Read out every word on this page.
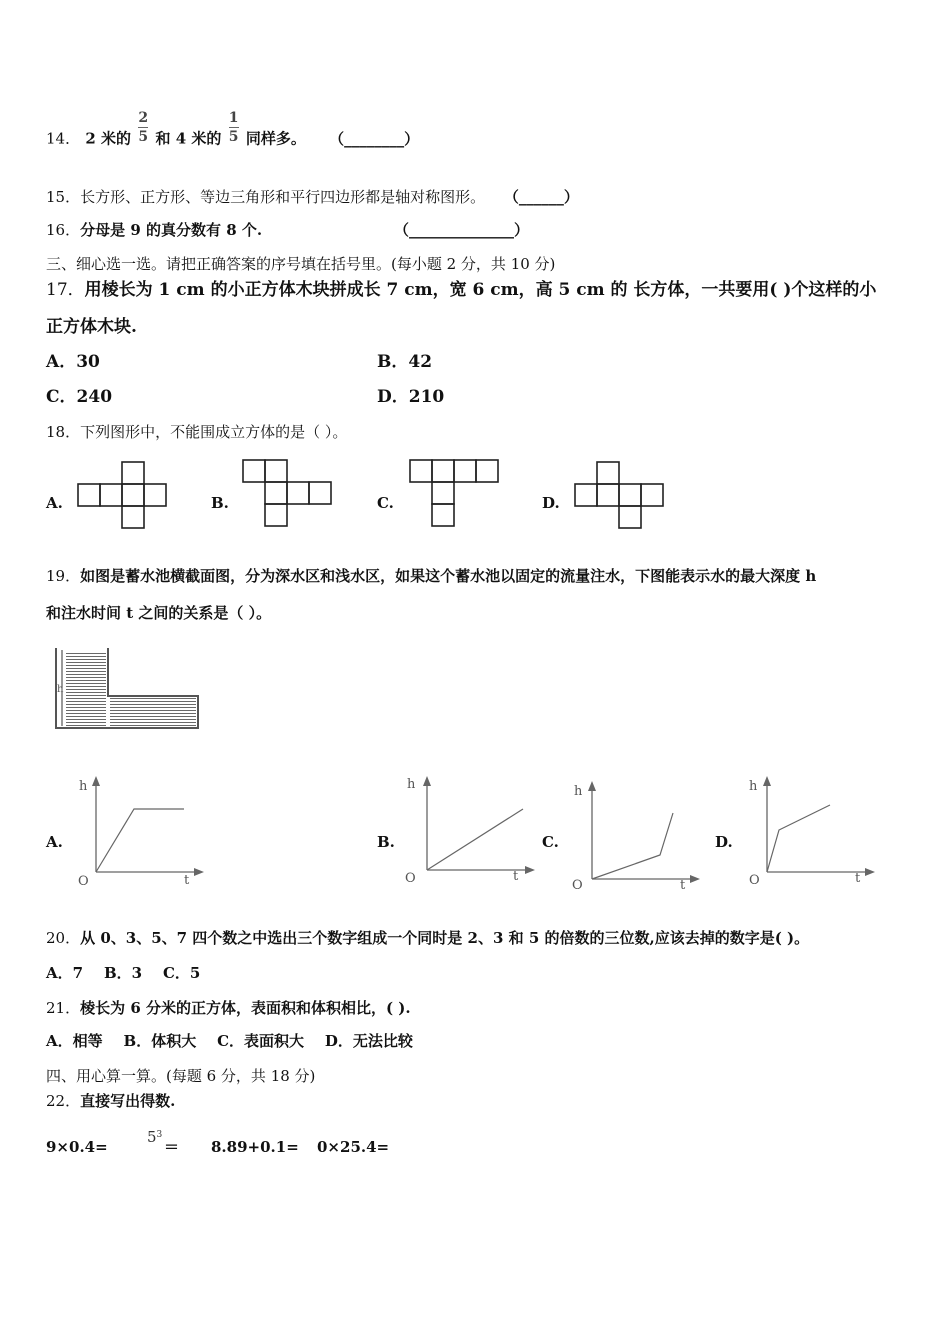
14． 2 米的 $\frac{2}{5}$ 和 4 米的 $\frac{1}{5}$ 同样多。 （________）
15．长方形、正方形、等边三角形和平行四边形都是轴对称图形。 （______）
16．分母是 9 的真分数有 8 个.	（______________）
三、细心选一选。请把正确答案的序号填在括号里。(每小题 2 分，共 10 分)
17．用棱长为 1 cm 的小正方体木块拼成长 7 cm，宽 6 cm，高 5 cm 的 长方体，一共要用( )个这样的小
正方体木块.
A．30	B．42
C．240	D．210
18．下列图形中，不能围成立方体的是（ ）。
A.	B.	C.	D.
19．如图是蓄水池横截面图，分为深水区和浅水区，如果这个蓄水池以固定的流量注水，下图能表示水的最大深度 h
和注水时间 t 之间的关系是（ ）。
h
A.
h
t
O
B.
h
t
O
C.
h
t
O
D.
h
t
O
20．从 0、3、5、7 四个数之中选出三个数字组成一个同时是 2、3 和 5 的倍数的三位数,应该去掉的数字是( )。
A．7    B．3    C．5
21．棱长为 6 分米的正方体，表面积和体积相比，( ).
A．相等    B．体积大    C．表面积大    D．无法比较
四、用心算一算。(每题 6 分，共 18 分)
22．直接写出得数.
9×0.4=
$5^3$
＝ 8.89+0.1= 0×25.4=
